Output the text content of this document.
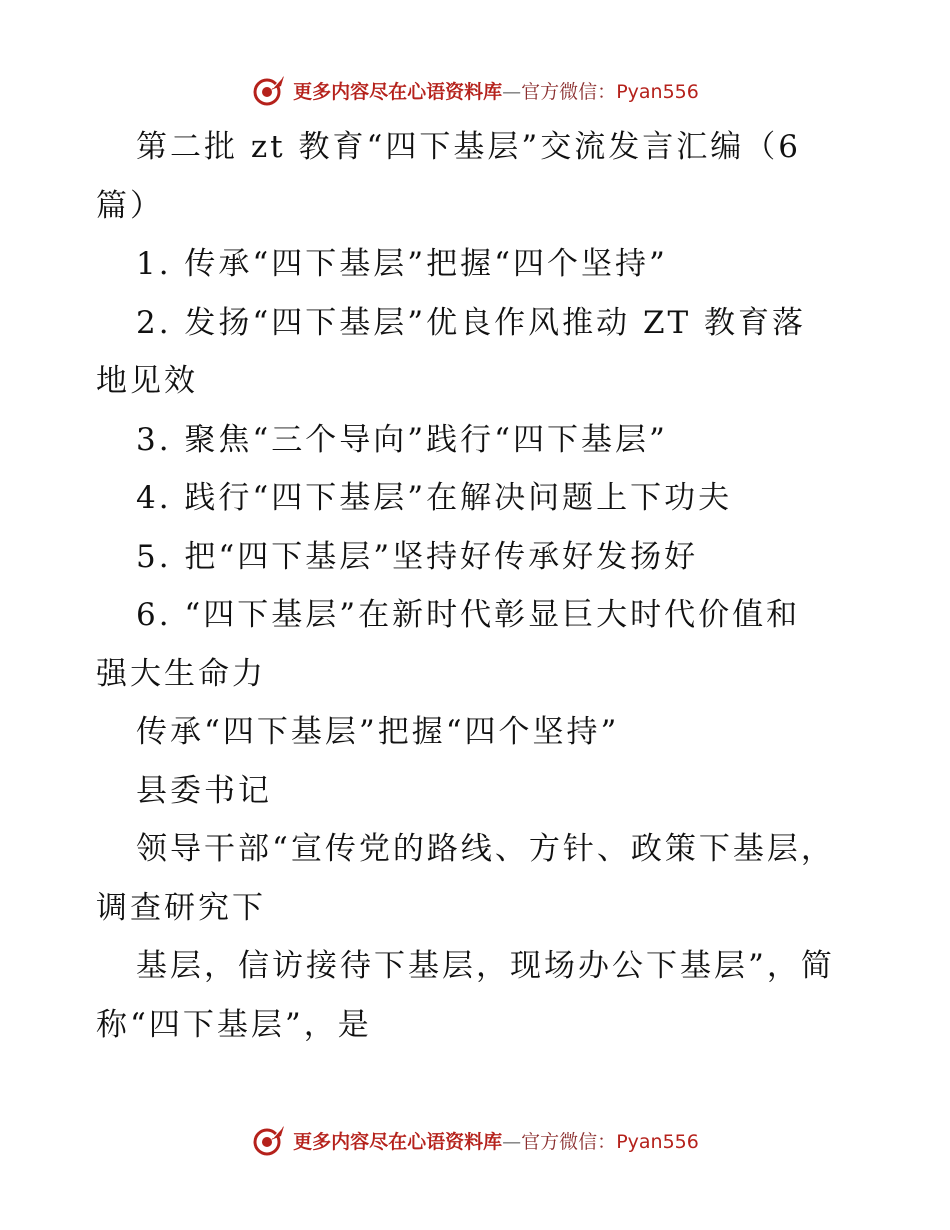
更多内容尽在心语资料库—官方微信：Pyan556
第二批 zt 教育“四下基层”交流发言汇编（6
篇）
1. 传承“四下基层”把握“四个坚持”
2. 发扬“四下基层”优良作风推动 ZT 教育落
地见效
3. 聚焦“三个导向”践行“四下基层”
4. 践行“四下基层”在解决问题上下功夫
5. 把“四下基层”坚持好传承好发扬好
6. “四下基层”在新时代彰显巨大时代价值和
强大生命力
传承“四下基层”把握“四个坚持”
县委书记
领导干部“宣传党的路线、方针、政策下基层，
调查研究下
基层，信访接待下基层，现场办公下基层”，简
称“四下基层”，是
更多内容尽在心语资料库—官方微信：Pyan556
